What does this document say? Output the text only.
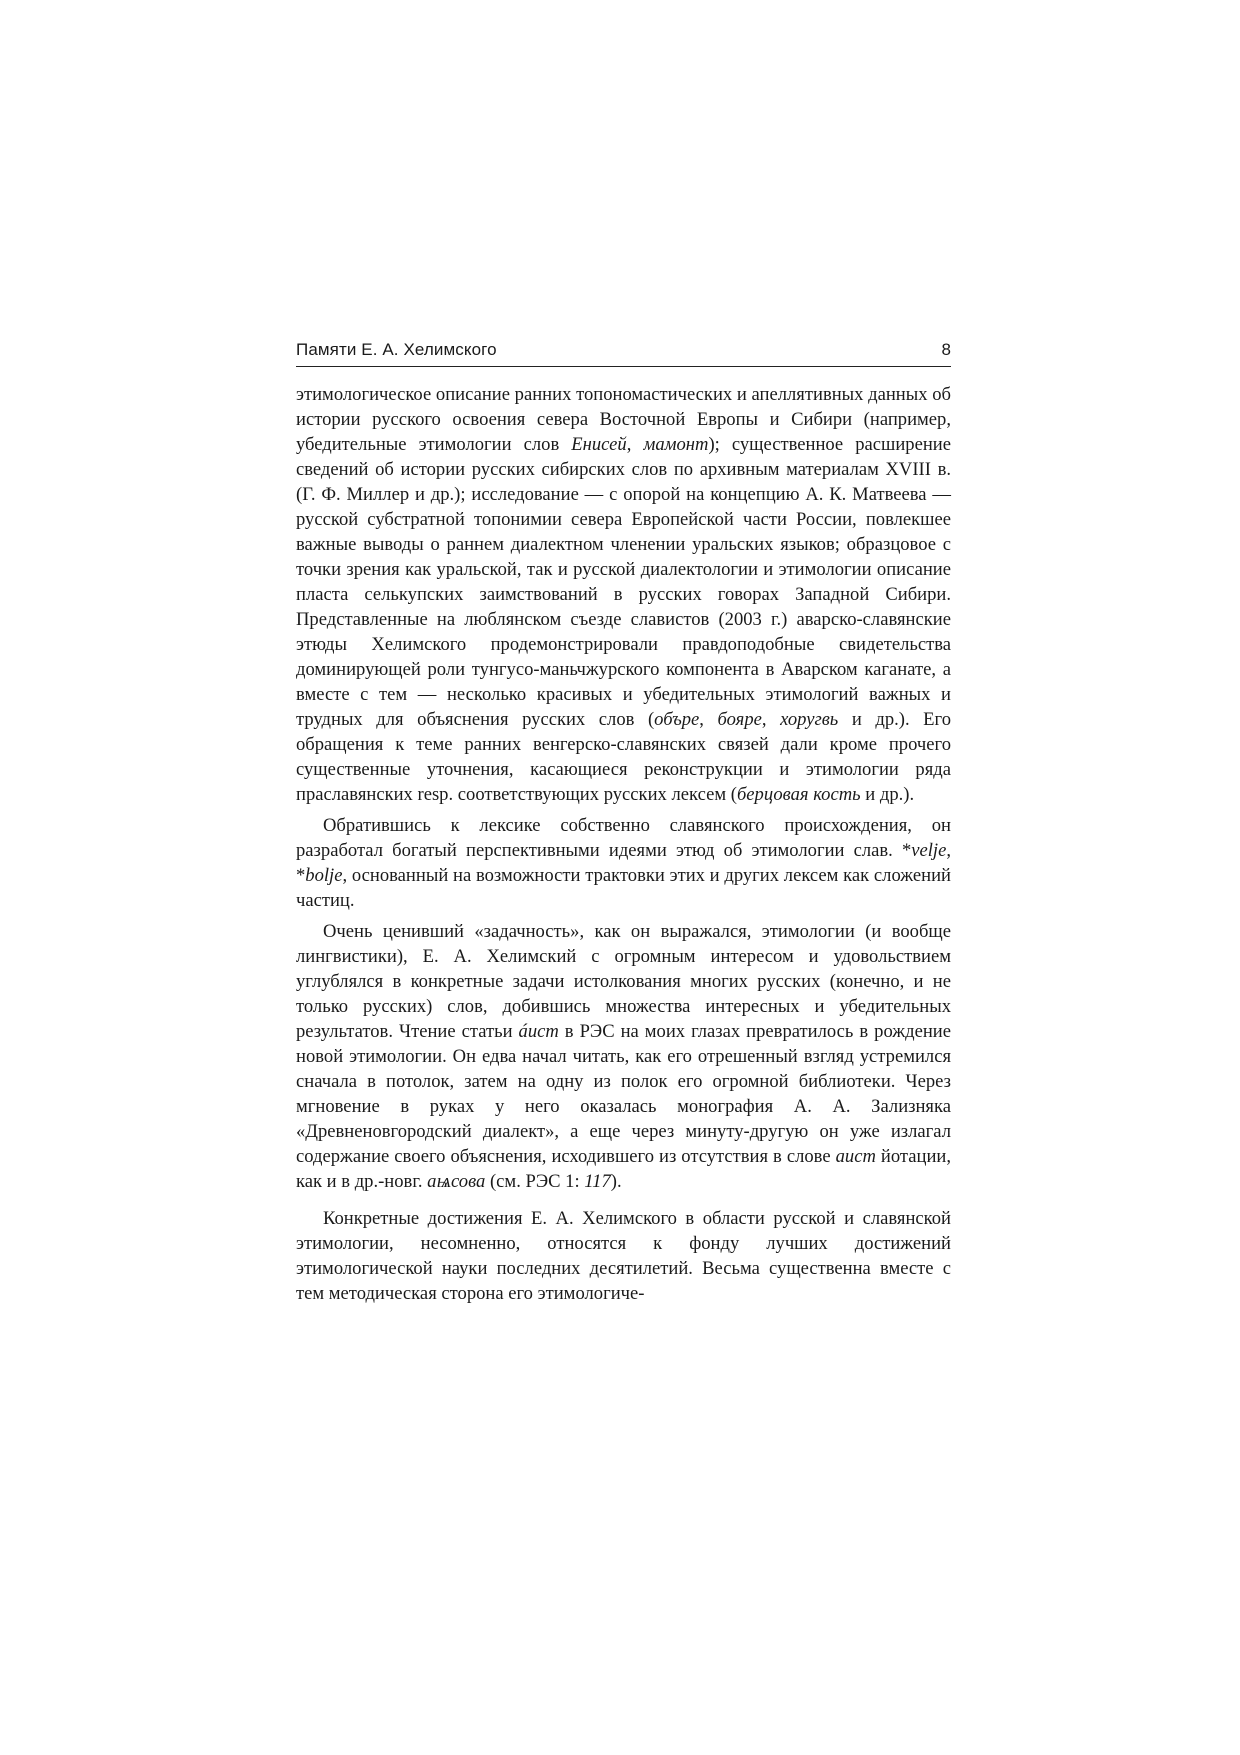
Памяти Е. А. Хелимского	8

этимологическое описание ранних топономастических и апеллятивных данных об истории русского освоения севера Восточной Европы и Сибири (например, убедительные этимологии слов Енисей, мамонт); существенное расширение сведений об истории русских сибирских слов по архивным материалам XVIII в. (Г. Ф. Миллер и др.); исследование — с опорой на концепцию А. К. Матвеева — русской субстратной топонимии севера Европейской части России, повлекшее важные выводы о раннем диалектном членении уральских языков; образцовое с точки зрения как уральской, так и русской диалектологии и этимологии описание пласта селькупских заимствований в русских говорах Западной Сибири. Представленные на люблянском съезде славистов (2003 г.) аварско-славянские этюды Хелимского продемонстрировали правдоподобные свидетельства доминирующей роли тунгусо-маньчжурского компонента в Аварском каганате, а вместе с тем — несколько красивых и убедительных этимологий важных и трудных для объяснения русских слов (объре, бояре, хоругвь и др.). Его обращения к теме ранних венгерско-славянских связей дали кроме прочего существенные уточнения, касающиеся реконструкции и этимологии ряда праславянских resp. соответствующих русских лексем (берцовая кость и др.).

Обратившись к лексике собственно славянского происхождения, он разработал богатый перспективными идеями этюд об этимологии слав. *velje, *bolje, основанный на возможности трактовки этих и других лексем как сложений частиц.

Очень ценивший «задачность», как он выражался, этимологии (и вообще лингвистики), Е. А. Хелимский с огромным интересом и удовольствием углублялся в конкретные задачи истолкования многих русских (конечно, и не только русских) слов, добившись множества интересных и убедительных результатов. Чтение статьи áист в РЭС на моих глазах превратилось в рождение новой этимологии. Он едва начал читать, как его отрешенный взгляд устремился сначала в потолок, затем на одну из полок его огромной библиотеки. Через мгновение в руках у него оказалась монография А. А. Зализняка «Древненовгородский диалект», а еще через минуту-другую он уже излагал содержание своего объяснения, исходившего из отсутствия в слове аист йотации, как и в др.-новг. аѩсова (см. РЭС 1: 117).

Конкретные достижения Е. А. Хелимского в области русской и славянской этимологии, несомненно, относятся к фонду лучших достижений этимологической науки последних десятилетий. Весьма существенна вместе с тем методическая сторона его этимологиче-
